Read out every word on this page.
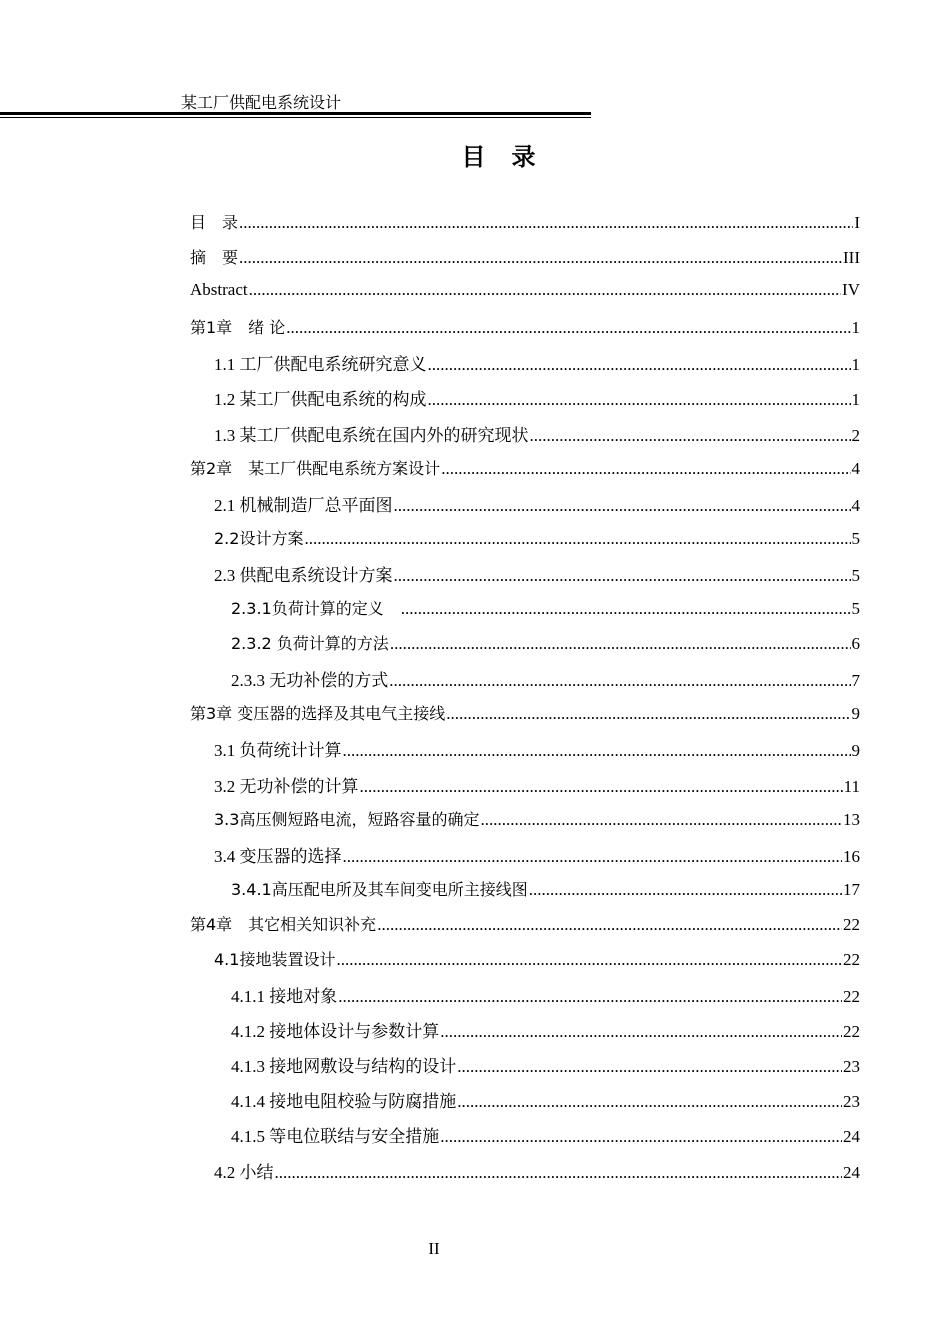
某工厂供配电系统设计
目　录
目　录 .....	I
摘　要 .....	III
Abstract .....	IV
第1章　绪 论 .....	1
1.1 工厂供配电系统研究意义 .....	1
1.2 某工厂供配电系统的构成 .....	1
1.3 某工厂供配电系统在国内外的研究现状 .....	2
第2章　某工厂供配电系统方案设计 .....	4
2.1 机械制造厂总平面图 .....	4
2.2设计方案 .....	5
2.3 供配电系统设计方案 .....	5
2.3.1负荷计算的定义　 .....	5
2.3.2 负荷计算的方法 .....	6
2.3.3 无功补偿的方式 .....	7
第3章 变压器的选择及其电气主接线 .....	9
3.1 负荷统计计算 .....	9
3.2 无功补偿的计算 .....	11
3.3高压侧短路电流，短路容量的确定 .....	13
3.4 变压器的选择 .....	16
3.4.1高压配电所及其车间变电所主接线图 .....	17
第4章　其它相关知识补充 .....	22
4.1接地装置设计 .....	22
4.1.1 接地对象 .....	22
4.1.2 接地体设计与参数计算 .....	22
4.1.3 接地网敷设与结构的设计 .....	23
4.1.4 接地电阻校验与防腐措施 .....	23
4.1.5 等电位联结与安全措施 .....	24
4.2 小结 .....	24
II
